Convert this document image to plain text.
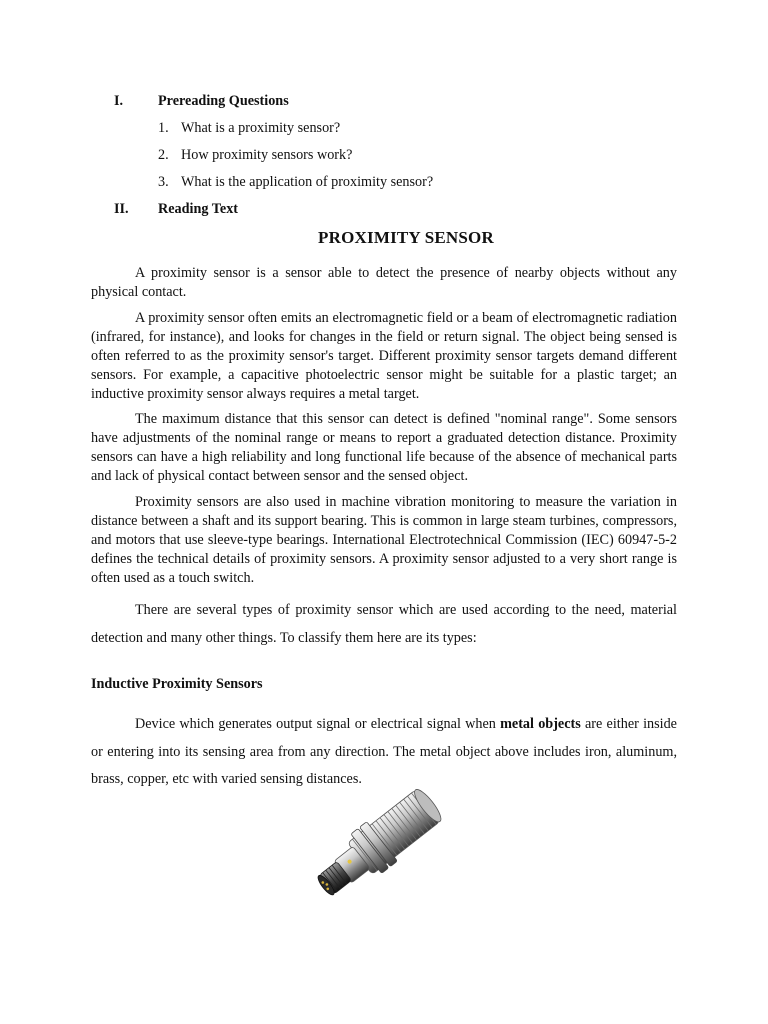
I. Prereading Questions
1. What is a proximity sensor?
2. How proximity sensors work?
3. What is the application of proximity sensor?
II. Reading Text
PROXIMITY SENSOR

A proximity sensor is a sensor able to detect the presence of nearby objects without any physical contact.

A proximity sensor often emits an electromagnetic field or a beam of electromagnetic radiation (infrared, for instance), and looks for changes in the field or return signal. The object being sensed is often referred to as the proximity sensor's target. Different proximity sensor targets demand different sensors. For example, a capacitive photoelectric sensor might be suitable for a plastic target; an inductive proximity sensor always requires a metal target.

The maximum distance that this sensor can detect is defined "nominal range". Some sensors have adjustments of the nominal range or means to report a graduated detection distance. Proximity sensors can have a high reliability and long functional life because of the absence of mechanical parts and lack of physical contact between sensor and the sensed object.

Proximity sensors are also used in machine vibration monitoring to measure the variation in distance between a shaft and its support bearing. This is common in large steam turbines, compressors, and motors that use sleeve-type bearings. International Electrotechnical Commission (IEC) 60947-5-2 defines the technical details of proximity sensors. A proximity sensor adjusted to a very short range is often used as a touch switch.

There are several types of proximity sensor which are used according to the need, material detection and many other things. To classify them here are its types:

Inductive Proximity Sensors

Device which generates output signal or electrical signal when metal objects are either inside or entering into its sensing area from any direction. The metal object above includes iron, aluminum, brass, copper, etc with varied sensing distances.
